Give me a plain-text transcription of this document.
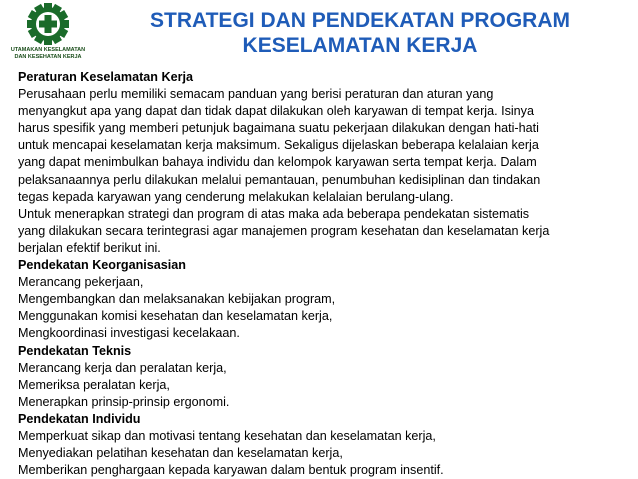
UTAMAKAN KESELAMATAN
DAN KESEHATAN KERJA
STRATEGI DAN PENDEKATAN PROGRAM
KESELAMATAN KERJA
Peraturan Keselamatan Kerja
Perusahaan perlu memiliki semacam panduan yang berisi peraturan dan aturan yang
menyangkut apa yang dapat dan tidak dapat dilakukan oleh karyawan di tempat kerja. Isinya
harus spesifik yang memberi petunjuk bagaimana suatu pekerjaan dilakukan dengan hati-hati
untuk mencapai keselamatan kerja maksimum. Sekaligus dijelaskan beberapa kelalaian kerja
yang dapat menimbulkan bahaya individu dan kelompok karyawan serta tempat kerja. Dalam
pelaksanaannya perlu dilakukan melalui pemantauan, penumbuhan kedisiplinan dan tindakan
tegas kepada karyawan yang cenderung melakukan kelalaian berulang-ulang.
Untuk menerapkan strategi dan program di atas maka ada beberapa pendekatan sistematis
yang dilakukan secara terintegrasi agar manajemen program kesehatan dan keselamatan kerja
berjalan efektif berikut ini.
Pendekatan Keorganisasian
Merancang pekerjaan,
Mengembangkan dan melaksanakan kebijakan program,
Menggunakan komisi kesehatan dan keselamatan kerja,
Mengkoordinasi investigasi kecelakaan.
Pendekatan Teknis
Merancang kerja dan peralatan kerja,
Memeriksa peralatan kerja,
Menerapkan prinsip-prinsip ergonomi.
Pendekatan Individu
Memperkuat sikap dan motivasi tentang kesehatan dan keselamatan kerja,
Menyediakan pelatihan kesehatan dan keselamatan kerja,
Memberikan penghargaan kepada karyawan dalam bentuk program insentif.
